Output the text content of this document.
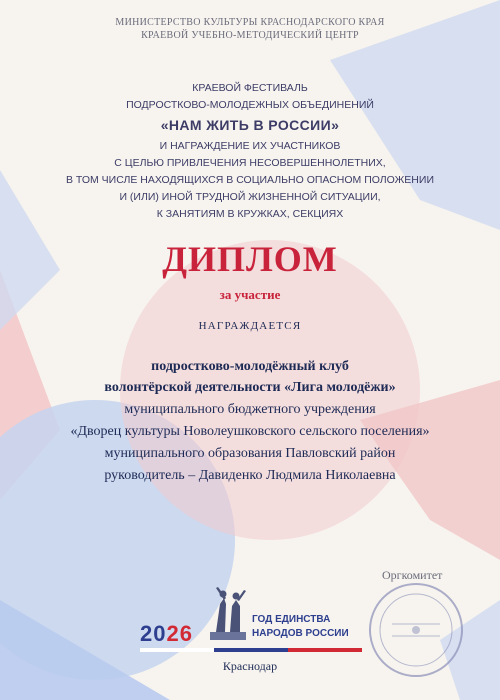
МИНИСТЕРСТВО КУЛЬТУРЫ КРАСНОДАРСКОГО КРАЯ
КРАЕВОЙ УЧЕБНО-МЕТОДИЧЕСКИЙ ЦЕНТР
КРАЕВОЙ ФЕСТИВАЛЬ
ПОДРОСТКОВО-МОЛОДЕЖНЫХ ОБЪЕДИНЕНИЙ
«НАМ ЖИТЬ В РОССИИ»
И НАГРАЖДЕНИЕ ИХ УЧАСТНИКОВ
С ЦЕЛЬЮ ПРИВЛЕЧЕНИЯ НЕСОВЕРШЕННОЛЕТНИХ,
В ТОМ ЧИСЛЕ НАХОДЯЩИХСЯ В СОЦИАЛЬНО ОПАСНОМ ПОЛОЖЕНИИ
И (ИЛИ) ИНОЙ ТРУДНОЙ ЖИЗНЕННОЙ СИТУАЦИИ,
К ЗАНЯТИЯМ В КРУЖКАХ, СЕКЦИЯХ
ДИПЛОМ
за участие
НАГРАЖДАЕТСЯ
подростково-молодёжный клуб
волонтёрской деятельности «Лига молодёжи»
муниципального бюджетного учреждения
«Дворец культуры Новолеушковского сельского поселения»
муниципального образования Павловский район
руководитель – Давиденко Людмила Николаевна
Оргкомитет
2026
ГОД ЕДИНСТВА
НАРОДОВ РОССИИ
Краснодар
